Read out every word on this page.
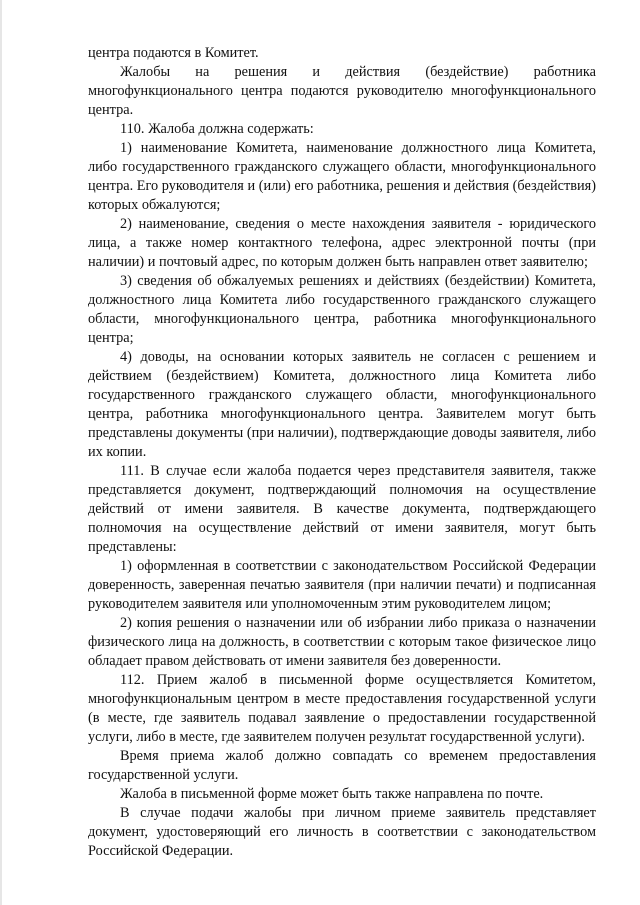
центра подаются в Комитет.

Жалобы на решения и действия (бездействие) работника многофункционального центра подаются руководителю многофункционального центра.

110. Жалоба должна содержать:

1) наименование Комитета, наименование должностного лица Комитета, либо государственного гражданского служащего области, многофункционального центра. Его руководителя и (или) его работника, решения и действия (бездействия) которых обжалуются;

2) наименование, сведения о месте нахождения заявителя - юридического лица, а также номер контактного телефона, адрес электронной почты (при наличии) и почтовый адрес, по которым должен быть направлен ответ заявителю;

3) сведения об обжалуемых решениях и действиях (бездействии) Комитета, должностного лица Комитета либо государственного гражданского служащего области, многофункционального центра, работника многофункционального центра;

4) доводы, на основании которых заявитель не согласен с решением и действием (бездействием) Комитета, должностного лица Комитета либо государственного гражданского служащего области, многофункционального центра, работника многофункционального центра. Заявителем могут быть представлены документы (при наличии), подтверждающие доводы заявителя, либо их копии.

111. В случае если жалоба подается через представителя заявителя, также представляется документ, подтверждающий полномочия на осуществление действий от имени заявителя. В качестве документа, подтверждающего полномочия на осуществление действий от имени заявителя, могут быть представлены:

1) оформленная в соответствии с законодательством Российской Федерации доверенность, заверенная печатью заявителя (при наличии печати) и подписанная руководителем заявителя или уполномоченным этим руководителем лицом;

2) копия решения о назначении или об избрании либо приказа о назначении физического лица на должность, в соответствии с которым такое физическое лицо обладает правом действовать от имени заявителя без доверенности.

112. Прием жалоб в письменной форме осуществляется Комитетом, многофункциональным центром в месте предоставления государственной услуги (в месте, где заявитель подавал заявление о предоставлении государственной услуги, либо в месте, где заявителем получен результат государственной услуги).

Время приема жалоб должно совпадать со временем предоставления государственной услуги.

Жалоба в письменной форме может быть также направлена по почте.

В случае подачи жалобы при личном приеме заявитель представляет документ, удостоверяющий его личность в соответствии с законодательством Российской Федерации.
